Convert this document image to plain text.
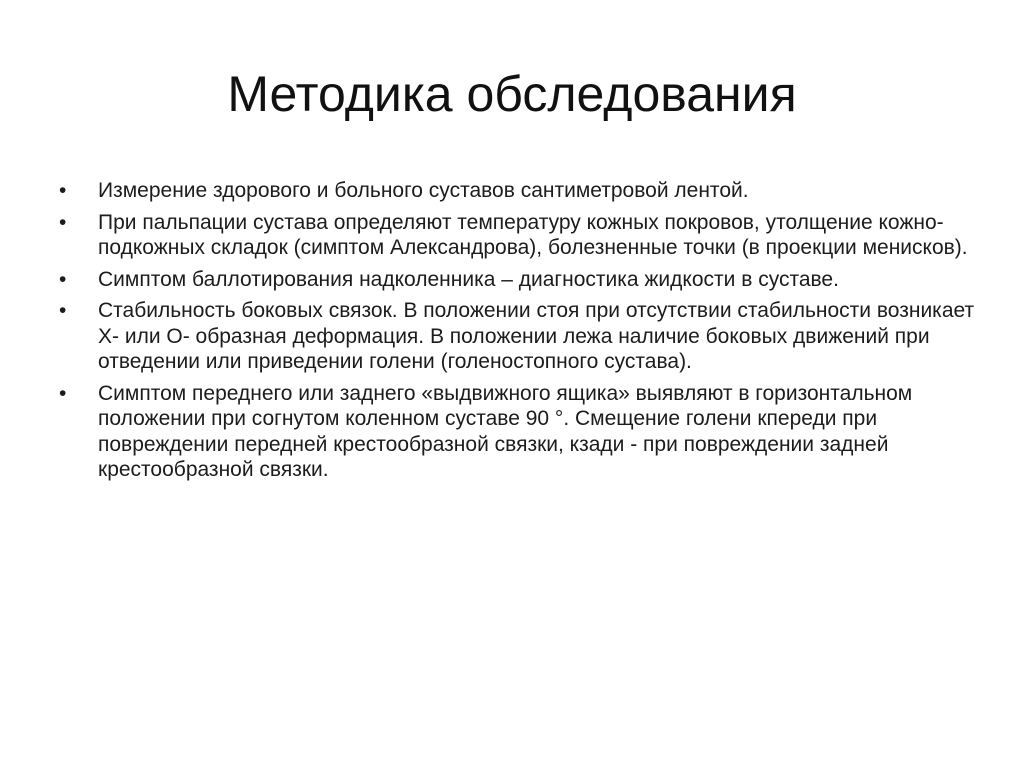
Методика обследования
• Измерение здорового и больного суставов сантиметровой лентой.
• При пальпации сустава определяют температуру кожных покровов, утолщение кожно-подкожных складок (симптом Александрова), болезненные точки (в проекции менисков).
• Симптом баллотирования надколенника – диагностика жидкости в суставе.
• Стабильность боковых связок. В положении стоя при отсутствии стабильности возникает Х- или О- образная деформация. В положении лежа наличие боковых движений при отведении или приведении голени (голеностопного сустава).
• Симптом переднего или заднего «выдвижного ящика» выявляют в горизонтальном положении при согнутом коленном суставе 90 °. Смещение голени кпереди при повреждении передней крестообразной связки, кзади - при повреждении задней крестообразной связки.
